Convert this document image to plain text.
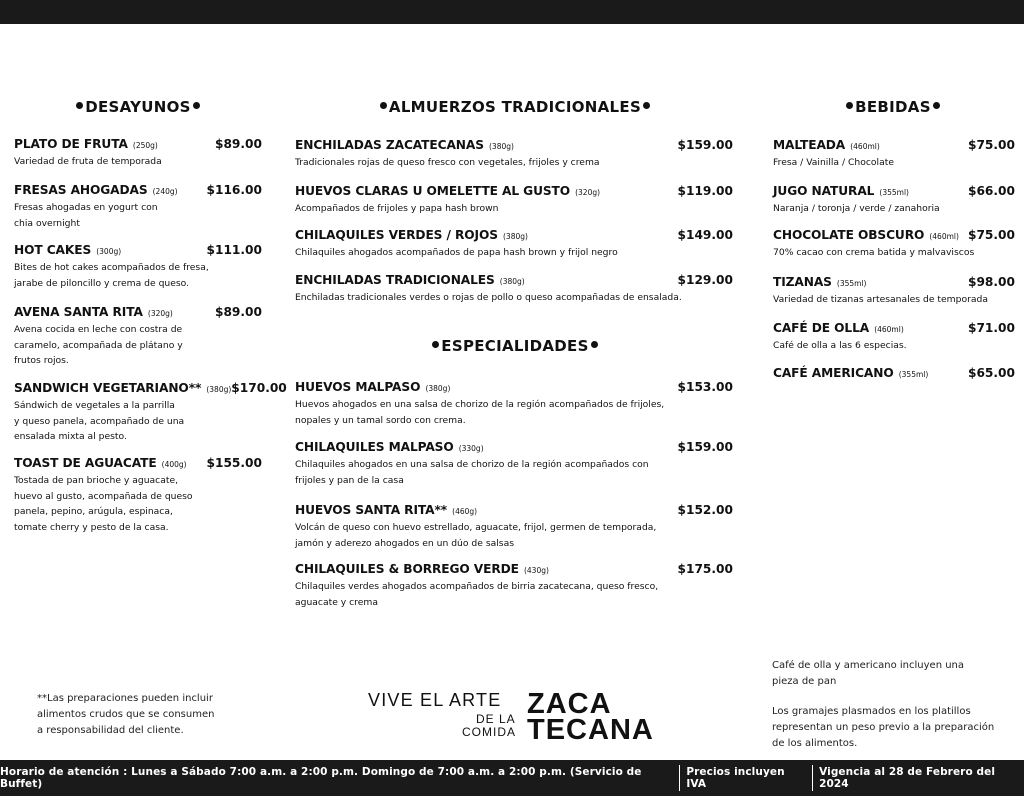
DESAYUNOS
PLATO DE FRUTA (250g)	$89.00
Variedad de fruta de temporada
FRESAS AHOGADAS (240g) $116.00
Fresas ahogadas en yogurt con
chia overnight
HOT CAKES (300g)	$111.00
Bites de hot cakes acompañados de fresa,
jarabe de piloncillo y crema de queso.
AVENA SANTA RITA (320g)	$89.00
Avena cocida en leche con costra de
caramelo, acompañada de plátano y
frutos rojos.
SANDWICH VEGETARIANO** (380g) $170.00
Sándwich de vegetales a la parrilla
y queso panela, acompañado de una
ensalada mixta al pesto.
TOAST DE AGUACATE (400g) $155.00
Tostada de pan brioche y aguacate,
huevo al gusto, acompañada de queso
panela, pepino, arúgula, espinaca,
tomate cherry y pesto de la casa.
ALMUERZOS TRADICIONALES
ENCHILADAS ZACATECANAS (380g)	$159.00
Tradicionales rojas de queso fresco con vegetales, frijoles y crema
HUEVOS CLARAS U OMELETTE AL GUSTO (320g)	$119.00
Acompañados de frijoles y papa hash brown
CHILAQUILES VERDES / ROJOS (380g)	$149.00
Chilaquiles ahogados acompañados de papa hash brown y frijol negro
ENCHILADAS TRADICIONALES (380g)	$129.00
Enchiladas tradicionales verdes o rojas de pollo o queso acompañadas de ensalada.
ESPECIALIDADES
HUEVOS MALPASO (380g)	$153.00
Huevos ahogados en una salsa de chorizo de la región acompañados de frijoles,
nopales y un tamal sordo con crema.
CHILAQUILES MALPASO (330g)	$159.00
Chilaquiles ahogados en una salsa de chorizo de la región acompañados con
frijoles y pan de la casa
HUEVOS SANTA RITA** (460g)	$152.00
Volcán de queso con huevo estrellado, aguacate, frijol, germen de temporada,
jamón y aderezo ahogados en un dúo de salsas
CHILAQUILES & BORREGO VERDE (430g)	$175.00
Chilaquiles verdes ahogados acompañados de birria zacatecana, queso fresco,
aguacate y crema
BEBIDAS
MALTEADA (460ml)	$75.00
Fresa / Vainilla / Chocolate
JUGO NATURAL (355ml)	$66.00
Naranja / toronja / verde / zanahoria
CHOCOLATE OBSCURO (460ml) $75.00
70% cacao con crema batida y malvaviscos
TIZANAS (355ml)	$98.00
Variedad de tizanas artesanales de temporada
CAFÉ DE OLLA (460ml)	$71.00
Café de olla a las 6 especias.
CAFÉ AMERICANO (355ml)	$65.00
**Las preparaciones pueden incluir
alimentos crudos que se consumen
a responsabilidad del cliente.
Café de olla y americano incluyen una
pieza de pan
Los gramajes plasmados en los platillos
representan un peso previo a la preparación
de los alimentos.
VIVE EL ARTE
DE LA
COMIDA
ZACA
TECANA
Horario de atención : Lunes a Sábado 7:00 a.m. a 2:00 p.m. Domingo de 7:00 a.m. a 2:00 p.m. (Servicio de Buffet)
Precios incluyen IVA
Vigencia al 28 de Febrero del 2024
